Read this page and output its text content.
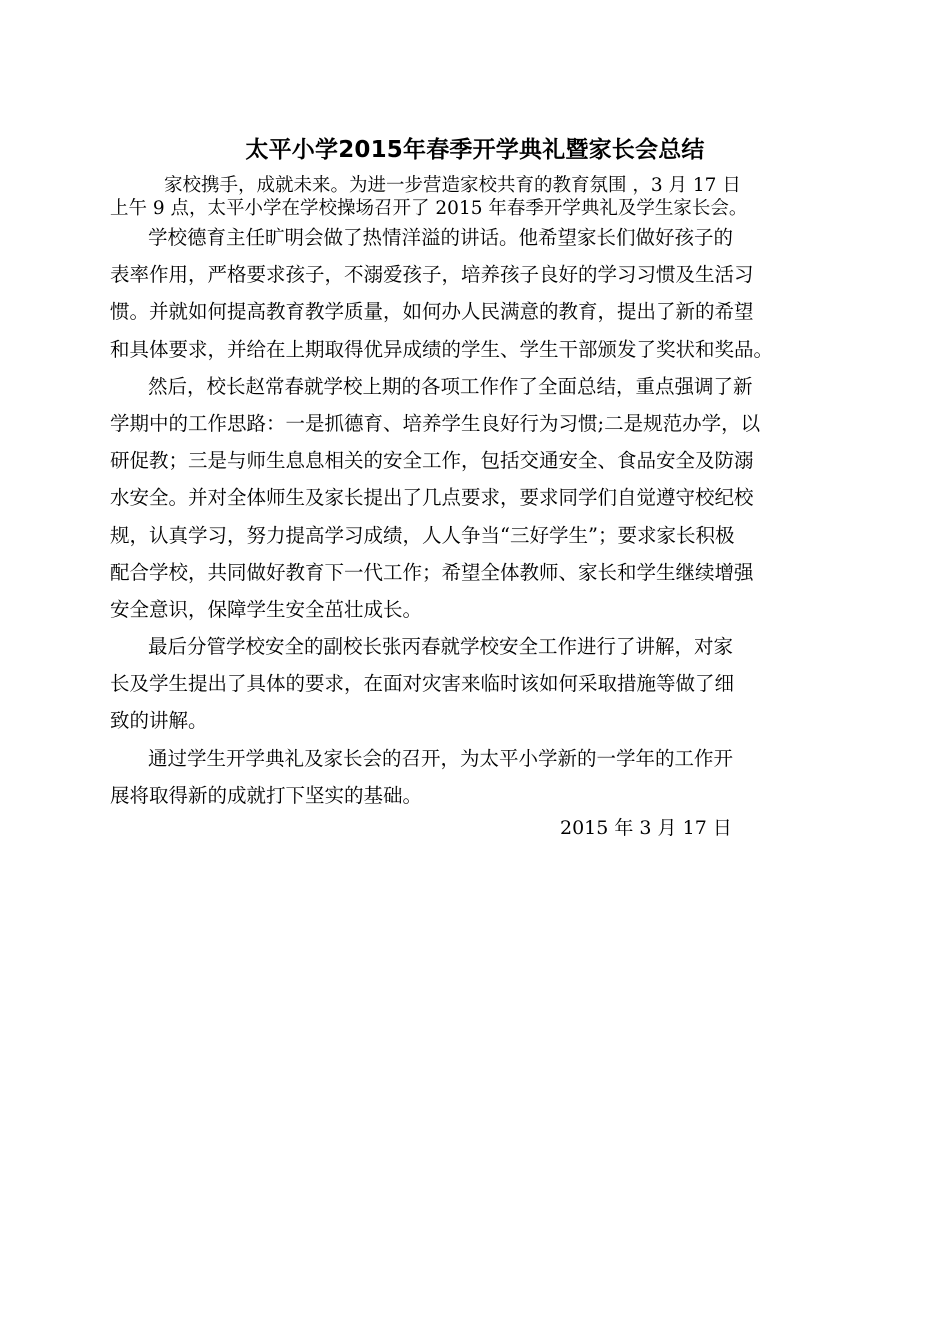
太平小学2015年春季开学典礼暨家长会总结
家校携手，成就未来。为进一步营造家校共育的教育氛围 ，3 月 17 日
上午 9 点，太平小学在学校操场召开了 2015 年春季开学典礼及学生家长会。
学校德育主任旷明会做了热情洋溢的讲话。他希望家长们做好孩子的
表率作用，严格要求孩子，不溺爱孩子，培养孩子良好的学习习惯及生活习
惯。并就如何提高教育教学质量，如何办人民满意的教育，提出了新的希望
和具体要求，并给在上期取得优异成绩的学生、学生干部颁发了奖状和奖品。
然后，校长赵常春就学校上期的各项工作作了全面总结，重点强调了新
学期中的工作思路：一是抓德育、培养学生良好行为习惯;二是规范办学，以
研促教；三是与师生息息相关的安全工作，包括交通安全、食品安全及防溺
水安全。并对全体师生及家长提出了几点要求，要求同学们自觉遵守校纪校
规，认真学习，努力提高学习成绩，人人争当“三好学生”；要求家长积极
配合学校，共同做好教育下一代工作；希望全体教师、家长和学生继续增强
安全意识，保障学生安全茁壮成长。
最后分管学校安全的副校长张丙春就学校安全工作进行了讲解，对家
长及学生提出了具体的要求，在面对灾害来临时该如何采取措施等做了细
致的讲解。
通过学生开学典礼及家长会的召开，为太平小学新的一学年的工作开
展将取得新的成就打下坚实的基础。
2015 年 3 月 17 日
